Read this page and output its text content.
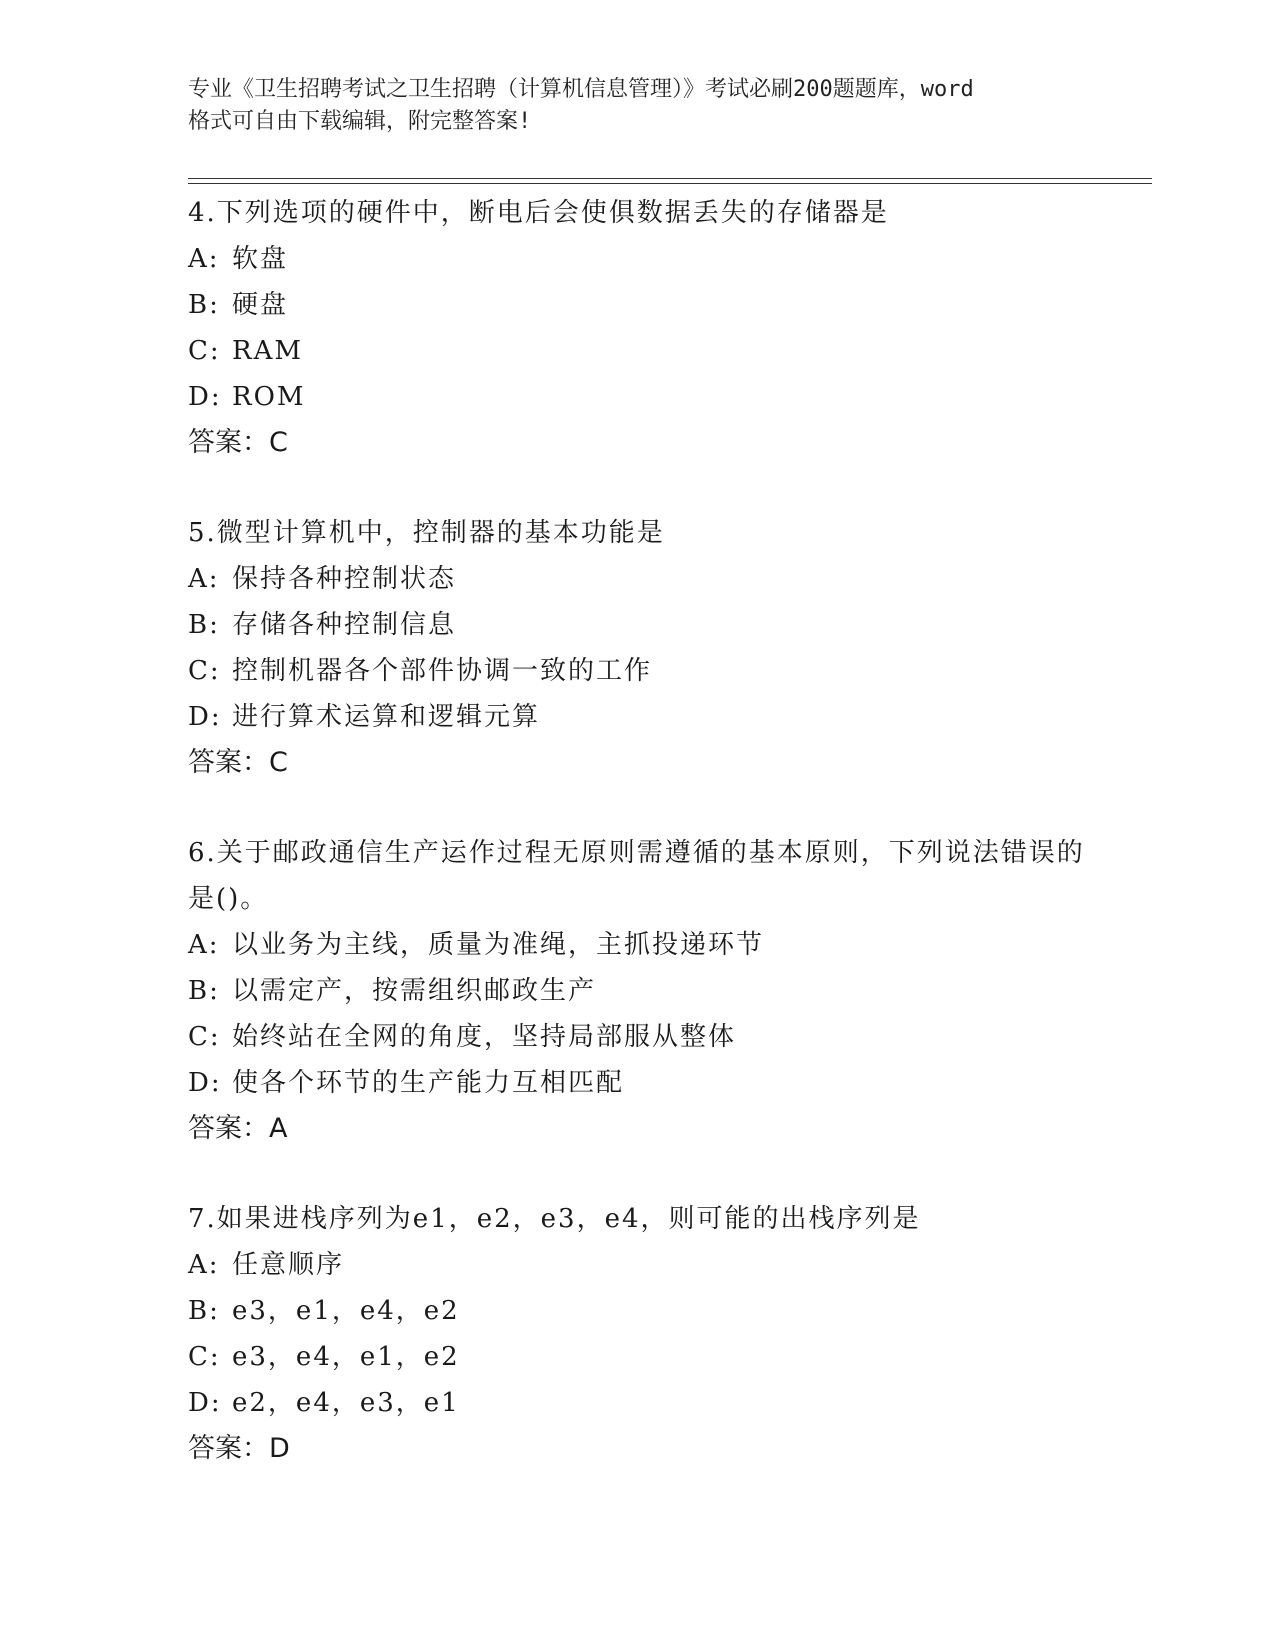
专业《卫生招聘考试之卫生招聘（计算机信息管理）》考试必刷200题题库，word
格式可自由下载编辑，附完整答案!

4.下列选项的硬件中，断电后会使俱数据丢失的存储器是

A: 软盘

B: 硬盘

C: RAM

D: ROM

答案：C

5.微型计算机中，控制器的基本功能是

A: 保持各种控制状态

B: 存储各种控制信息

C: 控制机器各个部件协调一致的工作

D: 进行算术运算和逻辑元算

答案：C

6.关于邮政通信生产运作过程无原则需遵循的基本原则，下列说法错误的是()。

A: 以业务为主线，质量为准绳，主抓投递环节

B: 以需定产，按需组织邮政生产

C: 始终站在全网的角度，坚持局部服从整体

D: 使各个环节的生产能力互相匹配

答案：A

7.如果进栈序列为e1，e2，e3，e4，则可能的出栈序列是

A: 任意顺序

B: e3，e1，e4，e2

C: e3，e4，e1，e2

D: e2，e4，e3，e1

答案：D
